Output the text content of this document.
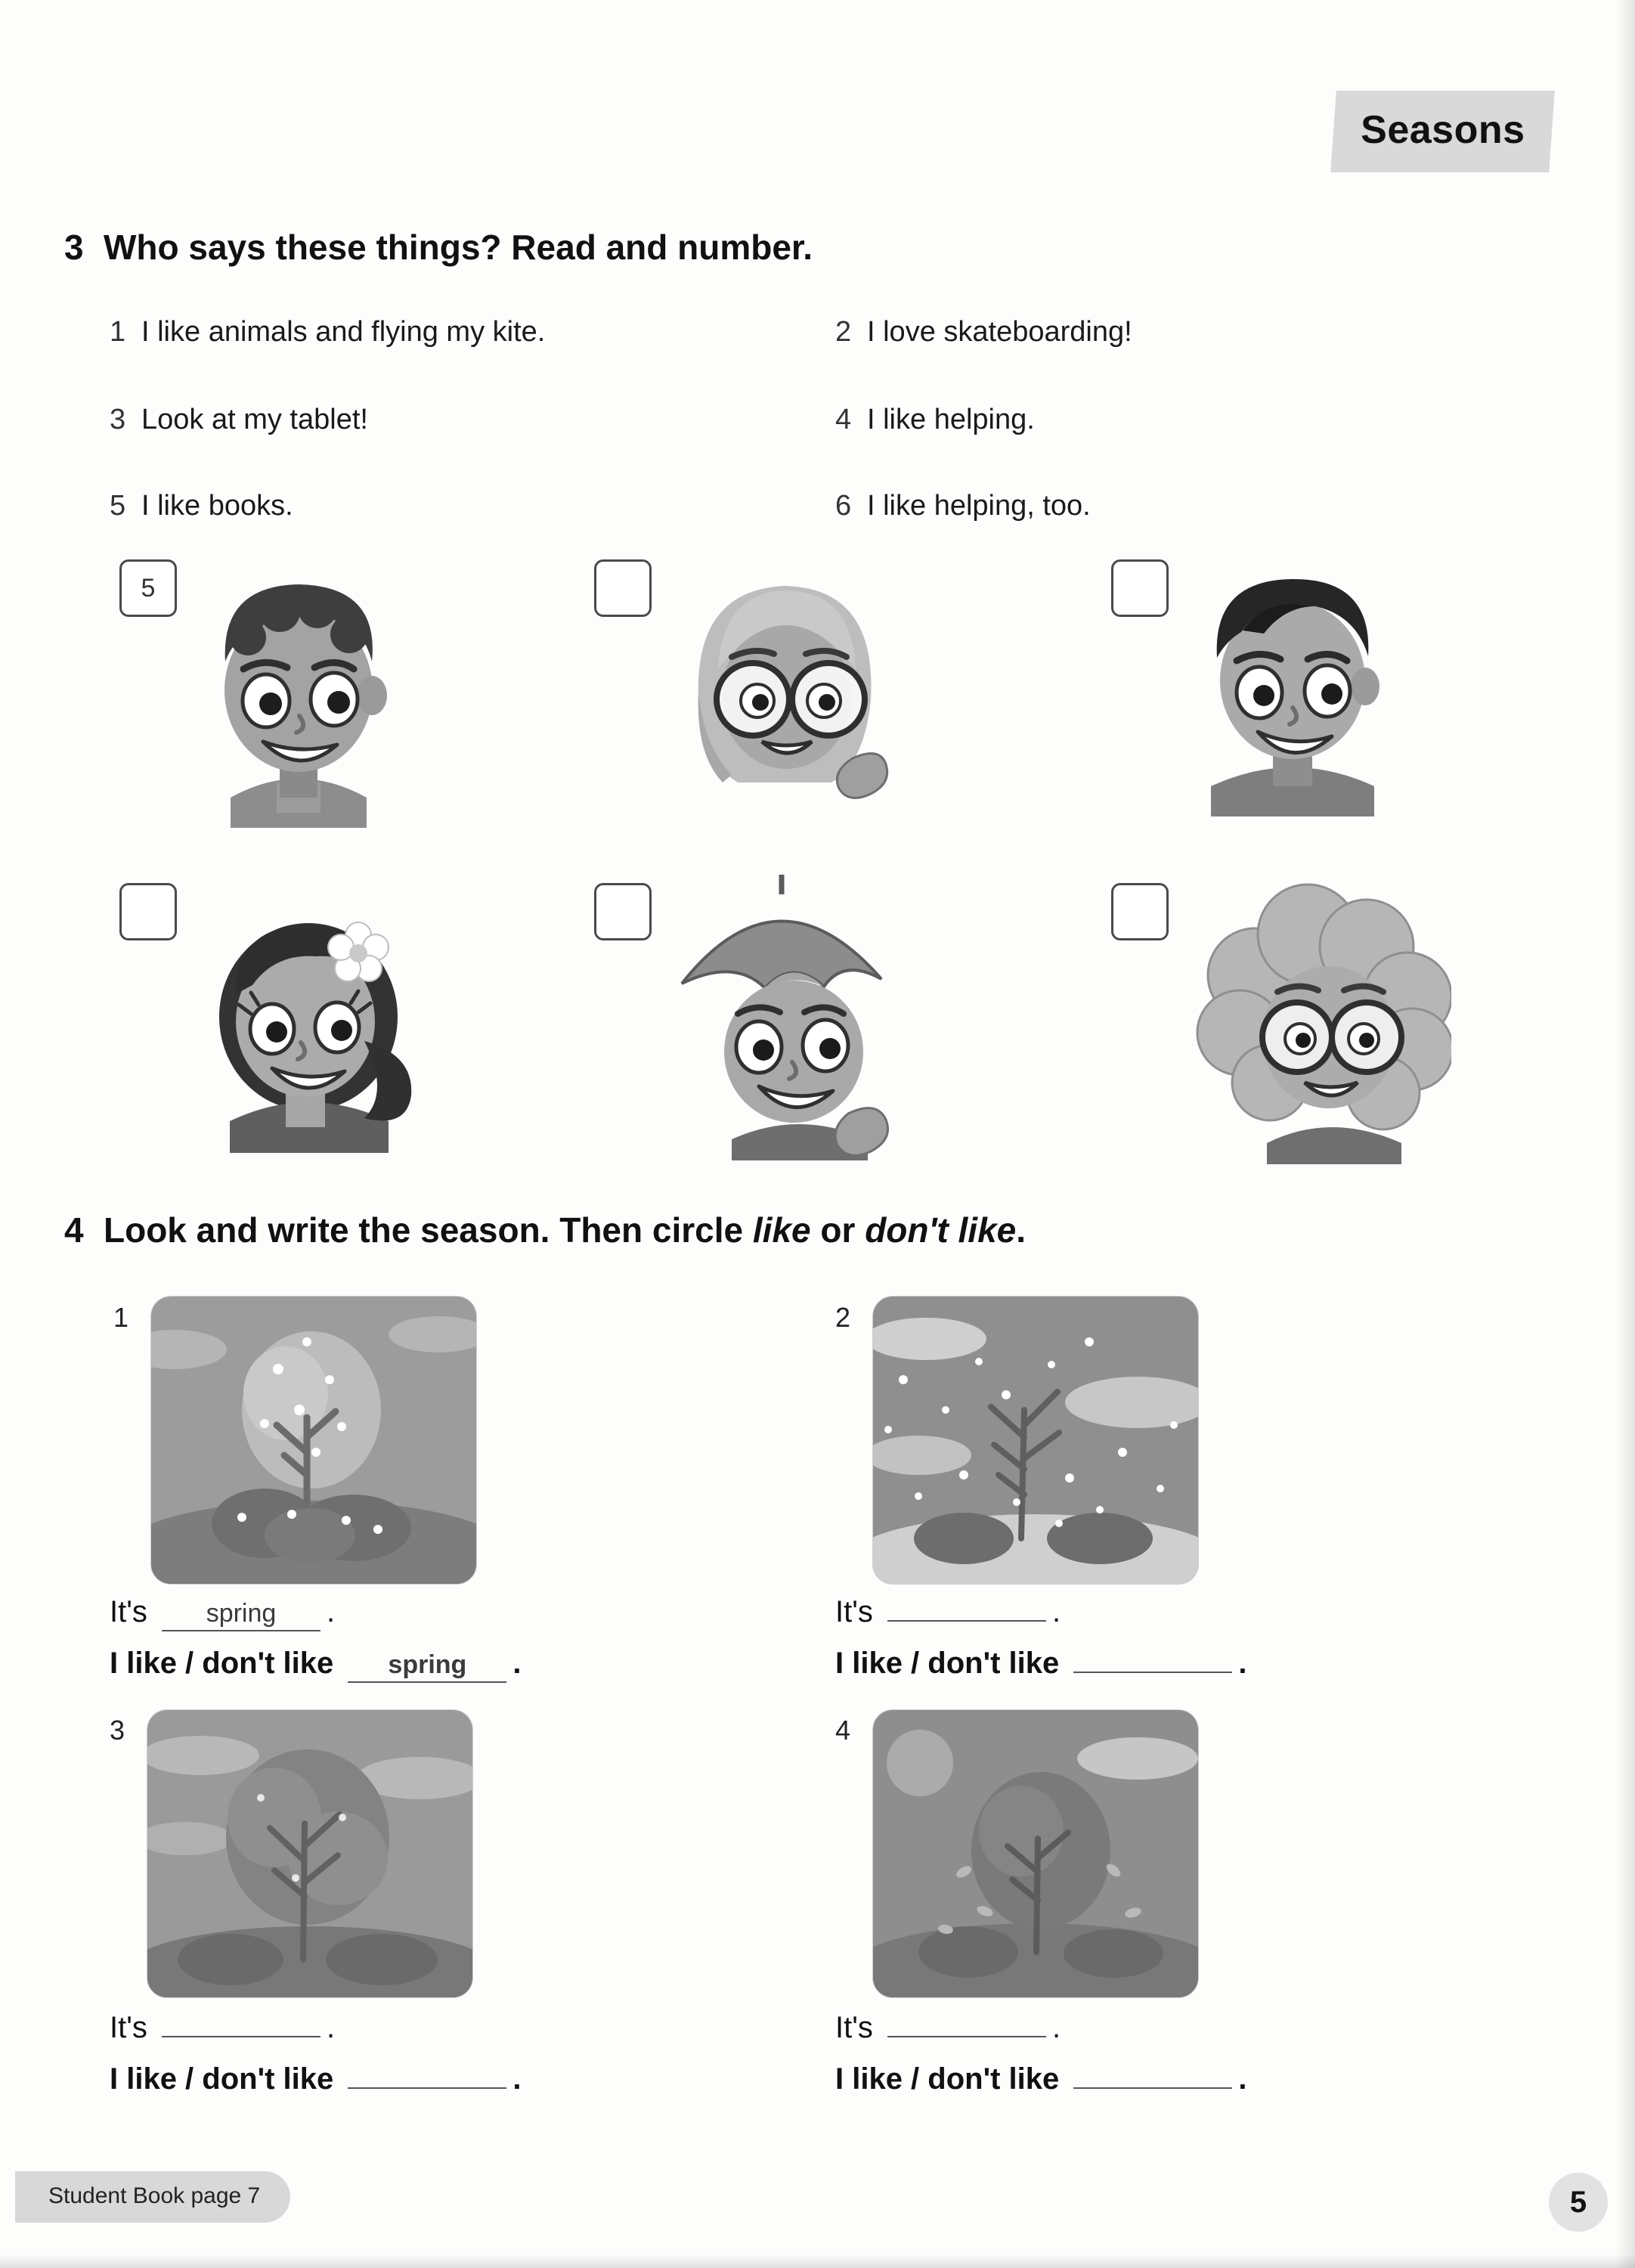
Seasons
3 Who says these things? Read and number.
1 I like animals and flying my kite.	2 I love skateboarding!
3 Look at my tablet!	4 I like helping.
5 I like books.	6 I like helping, too.
5
4 Look and write the season. Then circle like or don't like.
1
It's spring .
I like / don't like spring .
2
It's	.
I like / don't like	.
3
It's	.
I like / don't like	.
4
It's	.
I like / don't like	.
Student Book page 7	5
